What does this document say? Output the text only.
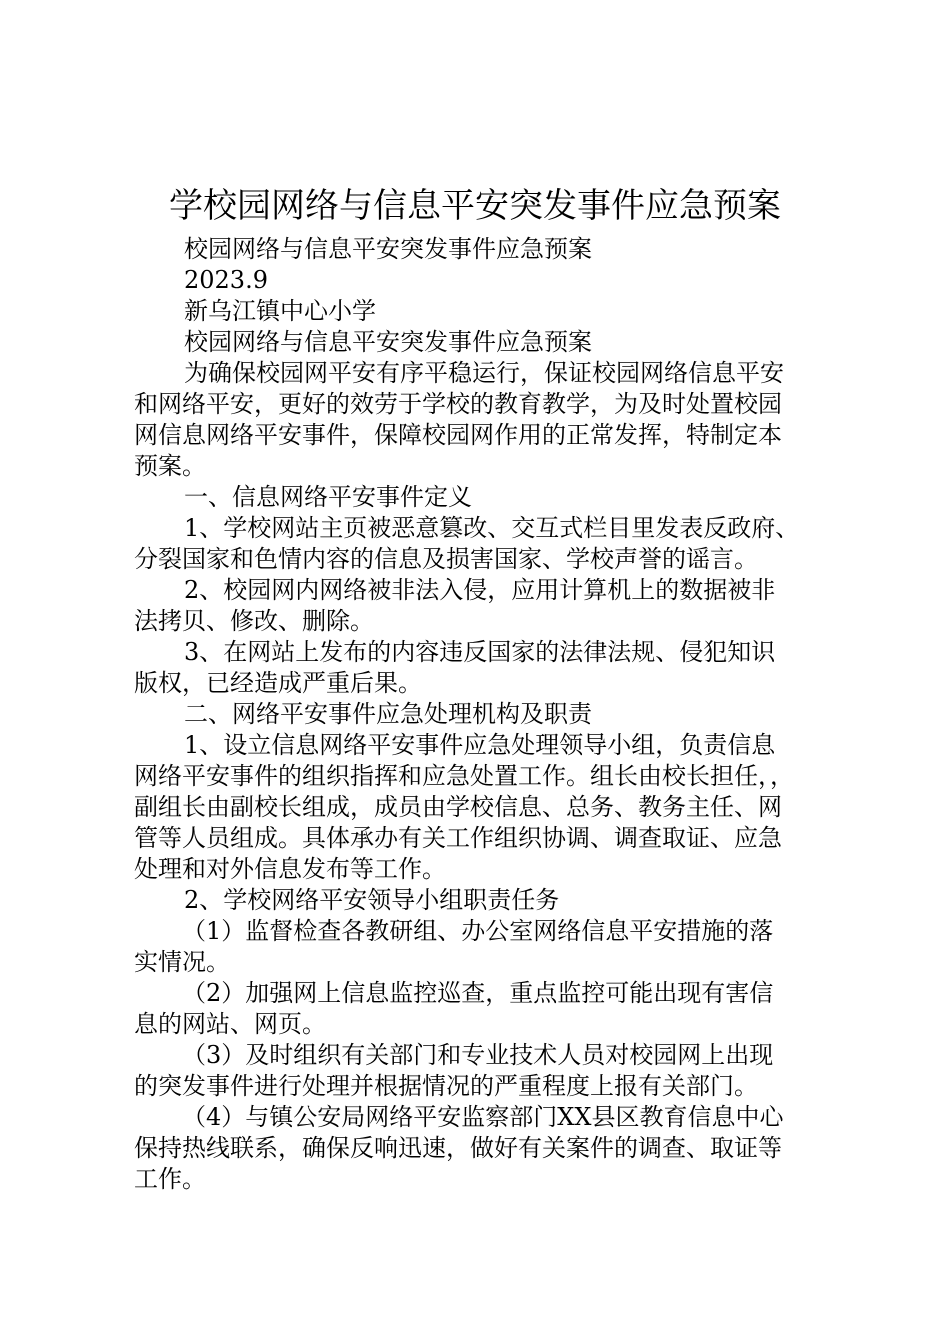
学校园网络与信息平安突发事件应急预案
校园网络与信息平安突发事件应急预案
2023.9
新乌江镇中心小学
校园网络与信息平安突发事件应急预案
为确保校园网平安有序平稳运行，保证校园网络信息平安
和网络平安，更好的效劳于学校的教育教学，为及时处置校园
网信息网络平安事件，保障校园网作用的正常发挥，特制定本
预案。
一、信息网络平安事件定义
1、学校网站主页被恶意篡改、交互式栏目里发表反政府、
分裂国家和色情内容的信息及损害国家、学校声誉的谣言。
2、校园网内网络被非法入侵，应用计算机上的数据被非
法拷贝、修改、删除。
3、在网站上发布的内容违反国家的法律法规、侵犯知识
版权，已经造成严重后果。
二、网络平安事件应急处理机构及职责
1、设立信息网络平安事件应急处理领导小组，负责信息
网络平安事件的组织指挥和应急处置工作。组长由校长担任，，
副组长由副校长组成，成员由学校信息、总务、教务主任、网
管等人员组成。具体承办有关工作组织协调、调查取证、应急
处理和对外信息发布等工作。
2、学校网络平安领导小组职责任务
（1）监督检查各教研组、办公室网络信息平安措施的落
实情况。
（2）加强网上信息监控巡查，重点监控可能出现有害信
息的网站、网页。
（3）及时组织有关部门和专业技术人员对校园网上出现
的突发事件进行处理并根据情况的严重程度上报有关部门。
（4）与镇公安局网络平安监察部门XX县区教育信息中心
保持热线联系，确保反响迅速，做好有关案件的调查、取证等
工作。
